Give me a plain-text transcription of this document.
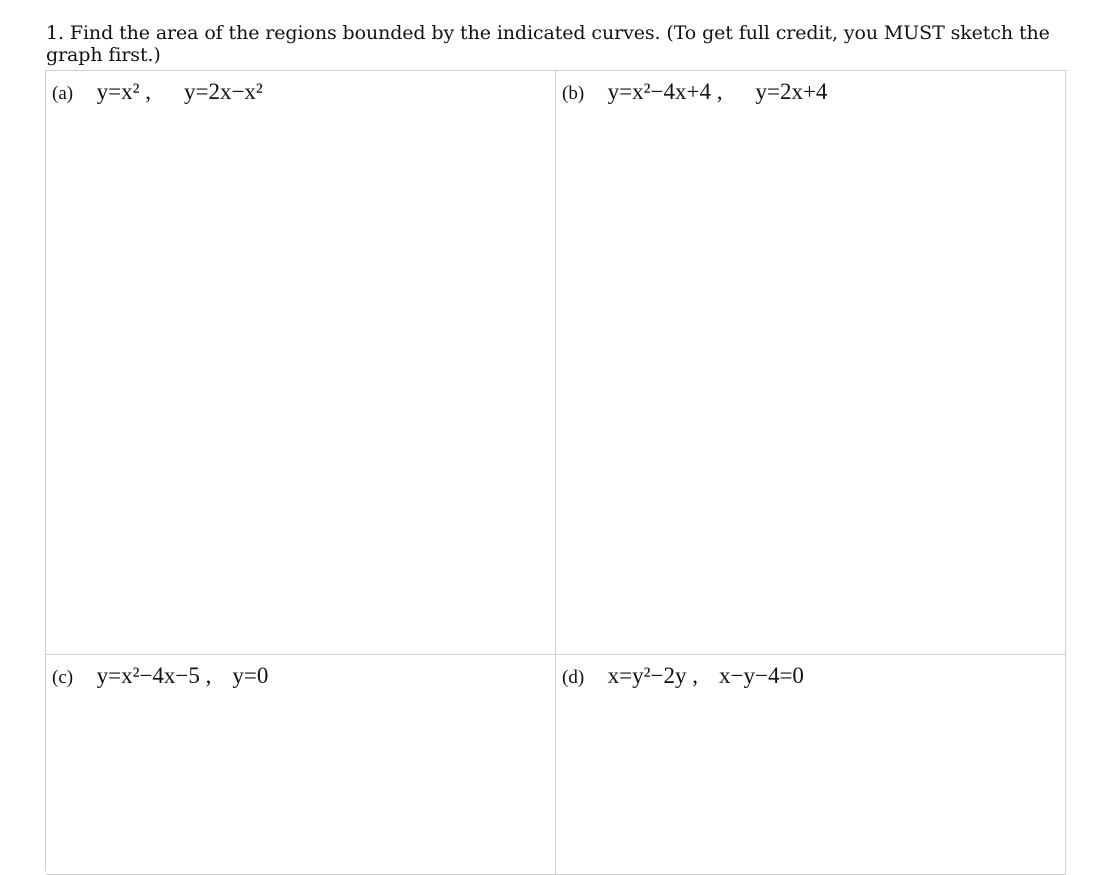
1. Find the area of the regions bounded by the indicated curves. (To get full credit, you MUST sketch the graph first.)
(a) y=x² , y=2x−x²	(b) y=x²−4x+4 , y=2x+4
(c) y=x²−4x−5 , y=0	(d) x=y²−2y , x−y−4=0
